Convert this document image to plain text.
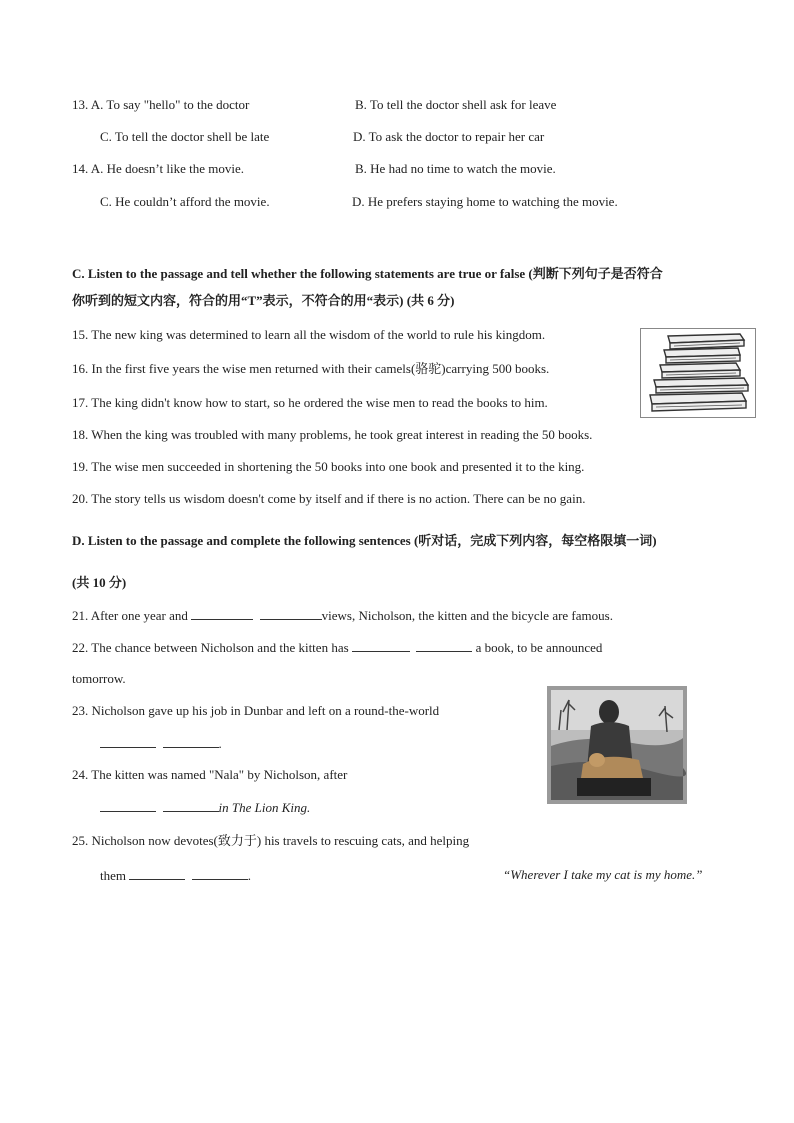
13. A. To say "hello" to the doctor	B. To tell the doctor shell ask for leave
C. To tell the doctor shell be late	D. To ask the doctor to repair her car
14. A. He doesn’t like the movie.	B. He had no time to watch the movie.
C. He couldn’t afford the movie.	D. He prefers staying home to watching the movie.
C. Listen to the passage and tell whether the following statements are true or false (判断下列句子是否符合
你听到的短文内容，符合的用“T”表示，不符合的用“表示) (共 6 分)
15. The new king was determined to learn all the wisdom of the world to rule his kingdom.
16. In the first five years the wise men returned with their camels(骆驼)carrying 500 books.
17. The king didn't know how to start, so he ordered the wise men to read the books to him.
18. When the king was troubled with many problems, he took great interest in reading the 50 books.
19. The wise men succeeded in shortening the 50 books into one book and presented it to the king.
20. The story tells us wisdom doesn't come by itself and if there is no action. There can be no gain.
D. Listen to the passage and complete the following sentences (听对话，完成下列内容，每空格限填一词)
(共 10 分)
21. After one year and	views, Nicholson, the kitten and the bicycle are famous.
22. The chance between Nicholson and the kitten has	a book, to be announced
tomorrow.
23. Nicholson gave up his job in Dunbar and left on a round-the-world
.
24. The kitten was named "Nala" by Nicholson, after
in The Lion King.
25. Nicholson now devotes(致力于) his travels to rescuing cats, and helping
them	.	“Wherever I take my cat is my home.”
